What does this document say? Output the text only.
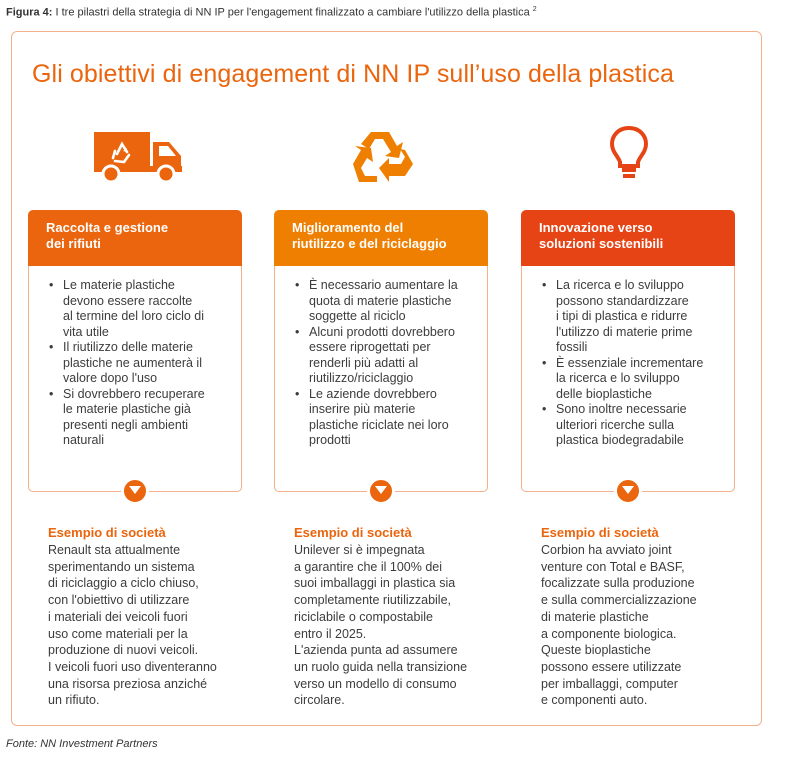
Figura 4: I tre pilastri della strategia di NN IP per l'engagement finalizzato a cambiare l'utilizzo della plastica $^2$
Gli obiettivi di engagement di NN IP sull’uso della plastica
Raccolta e gestione
dei rifiuti
• Le materie plastiche
devono essere raccolte
al termine del loro ciclo di
vita utile
• Il riutilizzo delle materie
plastiche ne aumenterà il
valore dopo l'uso
• Si dovrebbero recuperare
le materie plastiche già
presenti negli ambienti
naturali
Miglioramento del
riutilizzo e del riciclaggio
• È necessario aumentare la
quota di materie plastiche
soggette al riciclo
• Alcuni prodotti dovrebbero
essere riprogettati per
renderli più adatti al
riutilizzo/riciclaggio
• Le aziende dovrebbero
inserire più materie
plastiche riciclate nei loro
prodotti
Innovazione verso
soluzioni sostenibili
• La ricerca e lo sviluppo
possono standardizzare
i tipi di plastica e ridurre
l'utilizzo di materie prime
fossili
• È essenziale incrementare
la ricerca e lo sviluppo
delle bioplastiche
• Sono inoltre necessarie
ulteriori ricerche sulla
plastica biodegradabile
Esempio di società
Renault sta attualmente
sperimentando un sistema
di riciclaggio a ciclo chiuso,
con l'obiettivo di utilizzare
i materiali dei veicoli fuori
uso come materiali per la
produzione di nuovi veicoli.
I veicoli fuori uso diventeranno
una risorsa preziosa anziché
un rifiuto.
Esempio di società
Unilever si è impegnata
a garantire che il 100% dei
suoi imballaggi in plastica sia
completamente riutilizzabile,
riciclabile o compostabile
entro il 2025.
L'azienda punta ad assumere
un ruolo guida nella transizione
verso un modello di consumo
circolare.
Esempio di società
Corbion ha avviato joint
venture con Total e BASF,
focalizzate sulla produzione
e sulla commercializzazione
di materie plastiche
a componente biologica.
Queste bioplastiche
possono essere utilizzate
per imballaggi, computer
e componenti auto.
Fonte: NN Investment Partners
